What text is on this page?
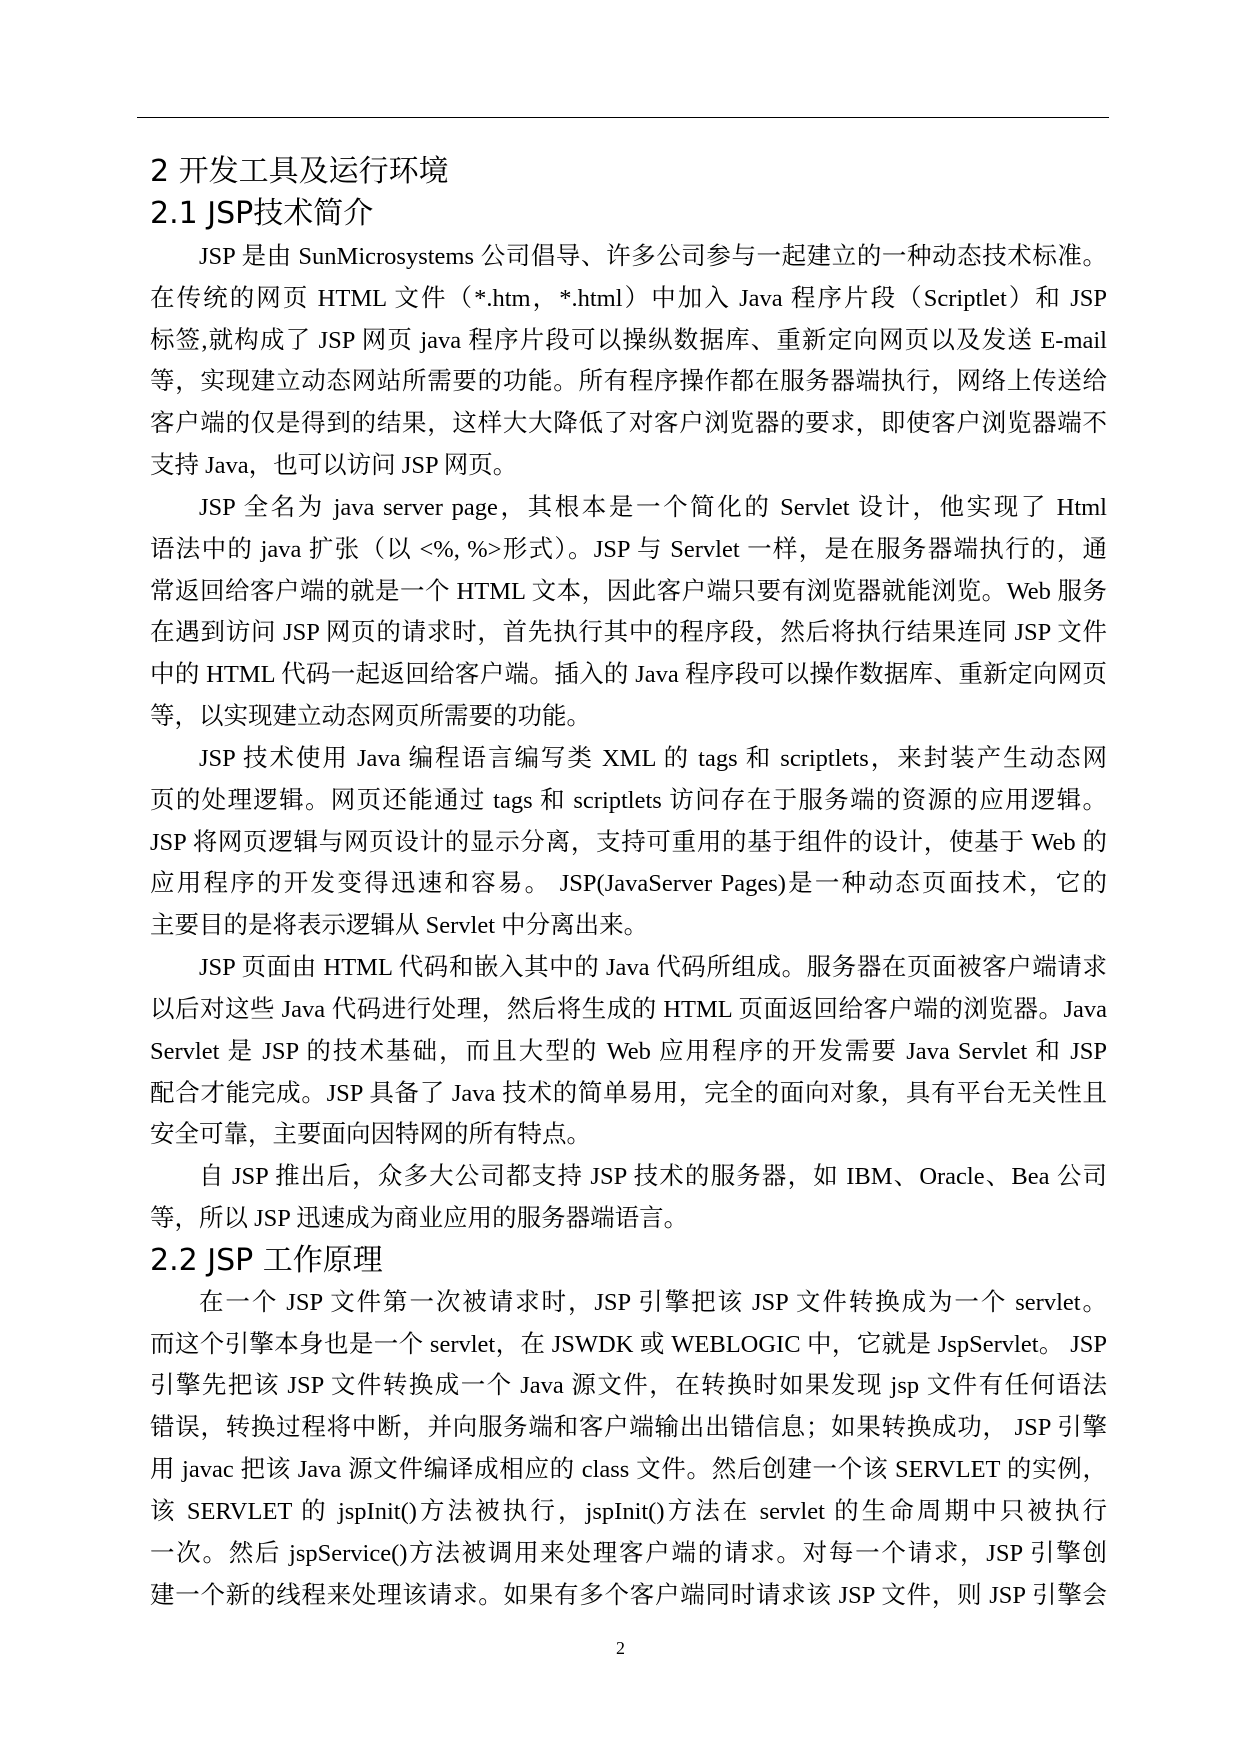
2 开发工具及运行环境
2.1 JSP技术简介
JSP 是由 SunMicrosystems 公司倡导、许多公司参与一起建立的一种动态技术标准。
在传统的网页 HTML 文件（*.htm，*.html）中加入 Java 程序片段（Scriptlet）和 JSP
标签,就构成了 JSP 网页 java 程序片段可以操纵数据库、重新定向网页以及发送 E-mail
等，实现建立动态网站所需要的功能。所有程序操作都在服务器端执行，网络上传送给
客户端的仅是得到的结果，这样大大降低了对客户浏览器的要求，即使客户浏览器端不
支持 Java，也可以访问 JSP 网页。
JSP 全名为 java server page，其根本是一个简化的 Servlet 设计，他实现了 Html
语法中的 java 扩张（以 <%, %>形式）。JSP 与 Servlet 一样，是在服务器端执行的，通
常返回给客户端的就是一个 HTML 文本，因此客户端只要有浏览器就能浏览。Web 服务
在遇到访问 JSP 网页的请求时，首先执行其中的程序段，然后将执行结果连同 JSP 文件
中的 HTML 代码一起返回给客户端。插入的 Java 程序段可以操作数据库、重新定向网页
等，以实现建立动态网页所需要的功能。
JSP 技术使用 Java 编程语言编写类 XML 的 tags 和 scriptlets，来封装产生动态网
页的处理逻辑。网页还能通过 tags 和 scriptlets 访问存在于服务端的资源的应用逻辑。
JSP 将网页逻辑与网页设计的显示分离，支持可重用的基于组件的设计，使基于 Web 的
应用程序的开发变得迅速和容易。 JSP(JavaServer Pages)是一种动态页面技术，它的
主要目的是将表示逻辑从 Servlet 中分离出来。
JSP 页面由 HTML 代码和嵌入其中的 Java 代码所组成。服务器在页面被客户端请求
以后对这些 Java 代码进行处理，然后将生成的 HTML 页面返回给客户端的浏览器。Java
Servlet 是 JSP 的技术基础，而且大型的 Web 应用程序的开发需要 Java Servlet 和 JSP
配合才能完成。JSP 具备了 Java 技术的简单易用，完全的面向对象，具有平台无关性且
安全可靠，主要面向因特网的所有特点。
自 JSP 推出后，众多大公司都支持 JSP 技术的服务器，如 IBM、Oracle、Bea 公司
等，所以 JSP 迅速成为商业应用的服务器端语言。
2.2 JSP 工作原理
在一个 JSP 文件第一次被请求时，JSP 引擎把该 JSP 文件转换成为一个 servlet。
而这个引擎本身也是一个 servlet，在 JSWDK 或 WEBLOGIC 中，它就是 JspServlet。 JSP
引擎先把该 JSP 文件转换成一个 Java 源文件，在转换时如果发现 jsp 文件有任何语法
错误，转换过程将中断，并向服务端和客户端输出出错信息；如果转换成功， JSP 引擎
用 javac 把该 Java 源文件编译成相应的 class 文件。然后创建一个该 SERVLET 的实例，
该 SERVLET 的 jspInit()方法被执行，jspInit()方法在 servlet 的生命周期中只被执行
一次。然后 jspService()方法被调用来处理客户端的请求。对每一个请求，JSP 引擎创
建一个新的线程来处理该请求。如果有多个客户端同时请求该 JSP 文件，则 JSP 引擎会
2
